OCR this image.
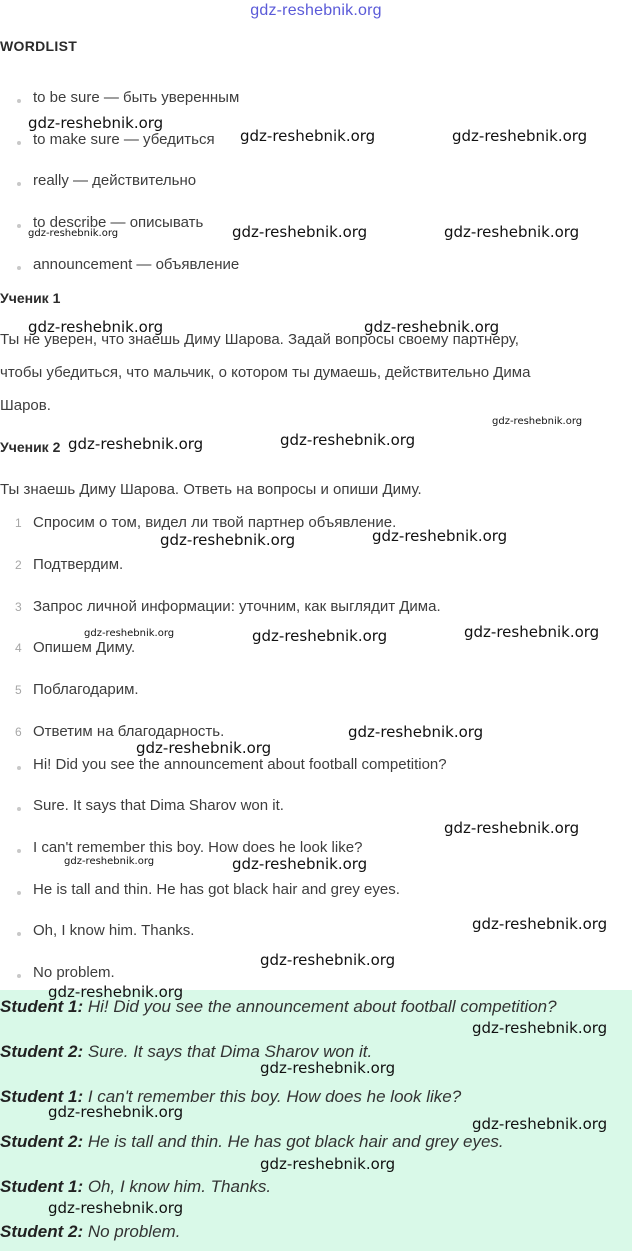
gdz-reshebnik.org
WORDLIST
to be sure — быть уверенным
to make sure — убедиться
really — действительно
to describe — описывать
announcement — объявление
Ученик 1
Ты не уверен, что знаешь Диму Шарова. Задай вопросы своему партнеру,
чтобы убедиться, что мальчик, о котором ты думаешь, действительно Дима
Шаров.
Ученик 2
Ты знаешь Диму Шарова. Ответь на вопросы и опиши Диму.
1 Спросим о том, видел ли твой партнер объявление.
2 Подтвердим.
3 Запрос личной информации: уточним, как выглядит Дима.
4 Опишем Диму.
5 Поблагодарим.
6 Ответим на благодарность.
Hi! Did you see the announcement about football competition?
Sure. It says that Dima Sharov won it.
I can't remember this boy. How does he look like?
He is tall and thin. He has got black hair and grey eyes.
Oh, I know him. Thanks.
No problem.
Student 1: Hi! Did you see the announcement about football competition?
Student 2: Sure. It says that Dima Sharov won it.
Student 1: I can't remember this boy. How does he look like?
Student 2: He is tall and thin. He has got black hair and grey eyes.
Student 1: Oh, I know him. Thanks.
Student 2: No problem.
gdz-reshebnik.org
gdz-reshebnik.org	gdz-reshebnik.org
gdz-reshebnik.org	gdz-reshebnik.org	gdz-reshebnik.org
gdz-reshebnik.org	gdz-reshebnik.org
gdz-reshebnik.org
gdz-reshebnik.org	gdz-reshebnik.org
gdz-reshebnik.org	gdz-reshebnik.org
gdz-reshebnik.org	gdz-reshebnik.org	gdz-reshebnik.org
gdz-reshebnik.org
gdz-reshebnik.org
gdz-reshebnik.org
gdz-reshebnik.org	gdz-reshebnik.org
gdz-reshebnik.org
gdz-reshebnik.org
gdz-reshebnik.org
gdz-reshebnik.org
gdz-reshebnik.org
gdz-reshebnik.org
gdz-reshebnik.org
gdz-reshebnik.org
gdz-reshebnik.org
